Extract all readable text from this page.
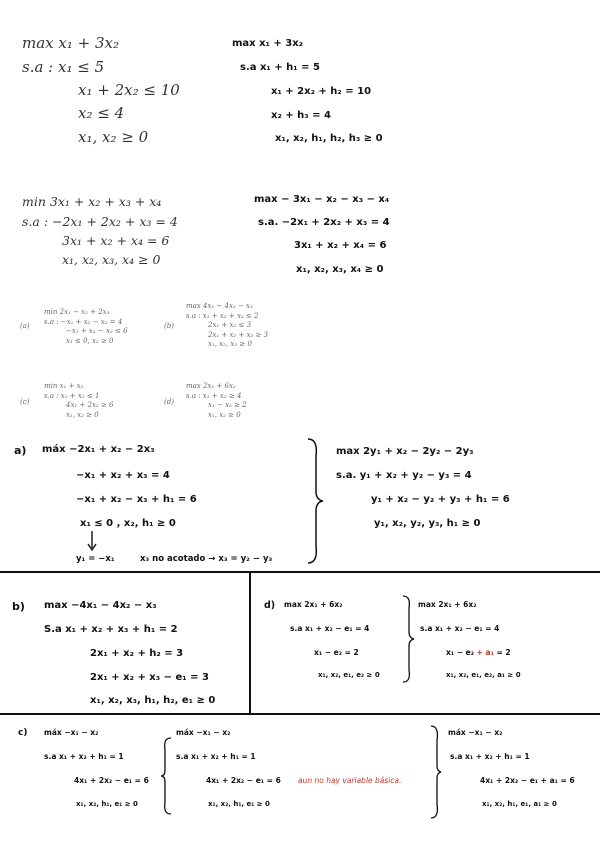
max x₁ + 3x₂
s.a : x₁ ≤ 5
x₁ + 2x₂ ≤ 10
x₂ ≤ 4
x₁, x₂ ≥ 0
max x₁ + 3x₂
s.a x₁ + h₁ = 5
x₁ + 2x₂ + h₂ = 10
x₂ + h₃ = 4
x₁, x₂, h₁, h₂, h₃ ≥ 0
min 3x₁ + x₂ + x₃ + x₄
s.a : −2x₁ + 2x₂ + x₃ = 4
3x₁ + x₂ + x₄ = 6
x₁, x₂, x₃, x₄ ≥ 0
max − 3x₁ − x₂ − x₃ − x₄
s.a. −2x₁ + 2x₂ + x₃ = 4
3x₁ + x₂ + x₄ = 6
x₁, x₂, x₃, x₄ ≥ 0
(a)
min 2x₁ − x₂ + 2x₃
s.a : −x₁ + x₂ − x₃ = 4
−x₁ + x₂ − x₃ ≤ 6
x₁ ≤ 0, x₂ ≥ 0
(b)
max 4x₁ − 4x₂ − x₃
s.a : x₁ + x₂ + x₃ ≤ 2
2x₁ + x₂ ≤ 3
2x₁ + x₂ + x₃ ≥ 3
x₁, x₂, x₃ ≥ 0
(c)
min x₁ + x₂
s.a : x₁ + x₂ ≤ 1
4x₁ + 2x₂ ≥ 6
x₁, x₂ ≥ 0
(d)
max 2x₁ + 6x₂
s.a : x₁ + x₂ ≥ 4
x₁ − x₂ ≥ 2
x₁, x₂ ≥ 0
a) máx −2x₁ + x₂ − 2x₃
−x₁ + x₂ + x₃ = 4
−x₁ + x₂ − x₃ + h₁ = 6
x₁ ≤ 0 , x₂, h₁ ≥ 0
y₁ = −x₁	x₃ no acotado → x₃ = y₂ − y₃
max 2y₁ + x₂ − 2y₂ − 2y₃
s.a. y₁ + x₂ + y₂ − y₃ = 4
y₁ + x₂ − y₂ + y₃ + h₁ = 6
y₁, x₂, y₂, y₃, h₁ ≥ 0
b) max −4x₁ − 4x₂ − x₃
S.a x₁ + x₂ + x₃ + h₁ = 2
2x₁ + x₂ + h₂ = 3
2x₁ + x₂ + x₃ − e₁ = 3
x₁, x₂, x₃, h₁, h₂, e₁ ≥ 0
d) max 2x₁ + 6x₂
s.a x₁ + x₂ − e₁ = 4
x₁ − e₂ = 2
x₁, x₂, e₁, e₂ ≥ 0
max 2x₁ + 6x₂
s.a x₁ + x₂ − e₁ = 4
x₁ − e₂ + a₁ = 2
x₁, x₂, e₁, e₂, a₁ ≥ 0
c) máx −x₁ − x₂
s.a x₁ + x₂ + h₁ = 1
4x₁ + 2x₂ − e₁ = 6
x₁, x₂, h₁, e₁ ≥ 0
máx −x₁ − x₂
s.a x₁ + x₂ + h₁ = 1
4x₁ + 2x₂ − e₁ = 6 aun no hay variable básica.
x₁, x₂, h₁, e₁ ≥ 0
máx −x₁ − x₂
s.a x₁ + x₂ + h₁ = 1
4x₁ + 2x₂ − e₁ + a₁ = 6
x₁, x₂, h₁, e₁, a₁ ≥ 0
